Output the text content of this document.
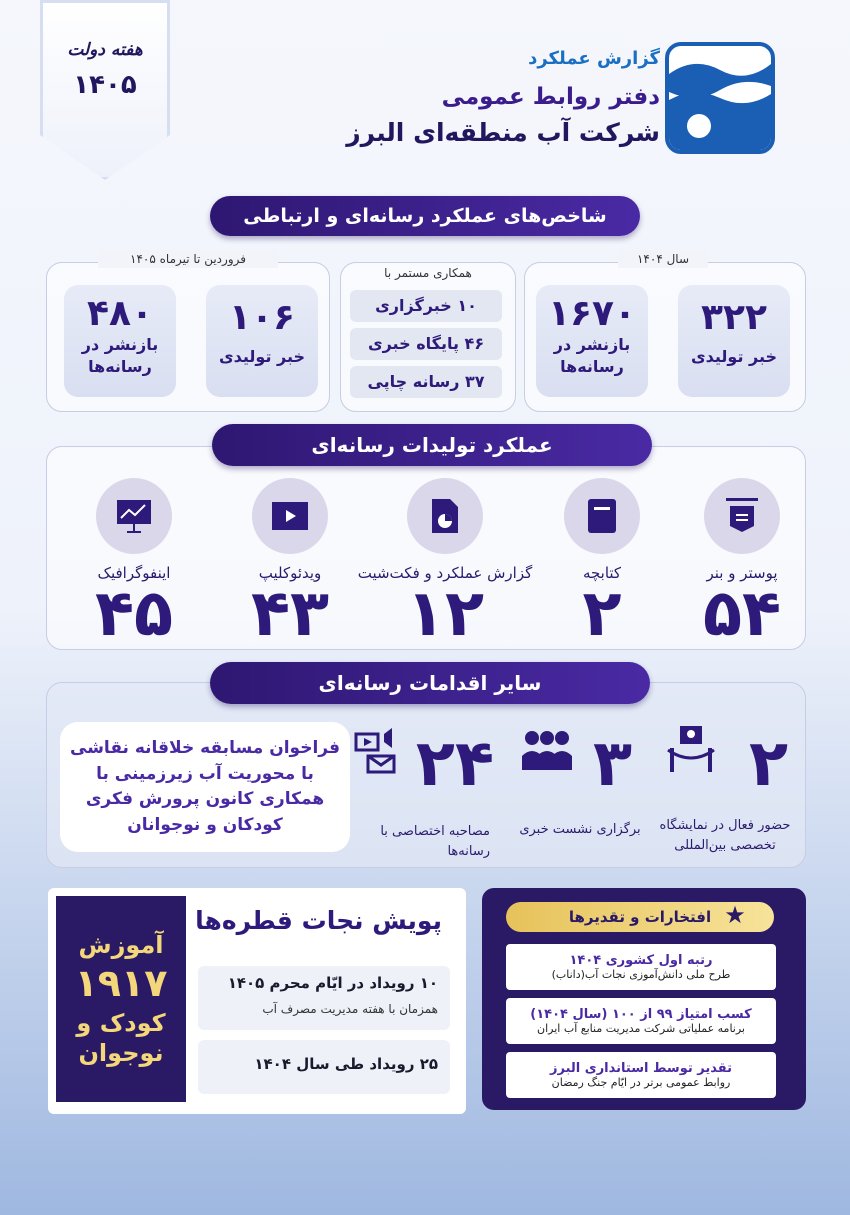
هفته دولت
۱۴۰۵
گزارش عملکرد
دفتر روابط عمومی
شرکت آب منطقه‌ای البرز
شاخص‌های عملکرد رسانه‌ای و ارتباطی
سال ۱۴۰۴
۳۲۲
خبر تولیدی
۱۶۷۰
بازنشر در رسانه‌ها
همکاری مستمر با
۱۰ خبرگزاری
۴۶ پایگاه خبری
۳۷ رسانه چاپی
فروردین تا تیرماه ۱۴۰۵
۱۰۶
خبر تولیدی
۴۸۰
بازنشر در رسانه‌ها
عملکرد تولیدات رسانه‌ای
پوستر و بنر
۵۴
کتابچه
۲
گزارش عملکرد و فکت‌شیت
۱۲
ویدئوکلیپ
۴۳
اینفوگرافیک
۴۵
سایر اقدامات رسانه‌ای
۲
حضور فعال در نمایشگاه تخصصی بین‌المللی
۳
برگزاری نشست خبری
۲۴
مصاحبه اختصاصی با رسانه‌ها
فراخوان مسابقه خلاقانه نقاشی با محوریت آب زیرزمینی با همکاری کانون پرورش فکری کودکان و نوجوانان
آموزش
۱۹۱۷
کودک و
نوجوان
پویش نجات قطره‌ها
۱۰ رویداد در ایّام محرم ۱۴۰۵
همزمان با هفته مدیریت مصرف آب
۲۵ رویداد طی سال ۱۴۰۴
افتخارات و تقدیرها ★
رتبه اول کشوری ۱۴۰۴
طرح ملی دانش‌آموزی نجات آب(داناب)
کسب امتیاز ۹۹ از ۱۰۰ (سال ۱۴۰۴)
برنامه عملیاتی شرکت مدیریت منابع آب ایران
تقدیر توسط استانداری البرز
روابط عمومی برتر در ایّام جنگ رمضان
